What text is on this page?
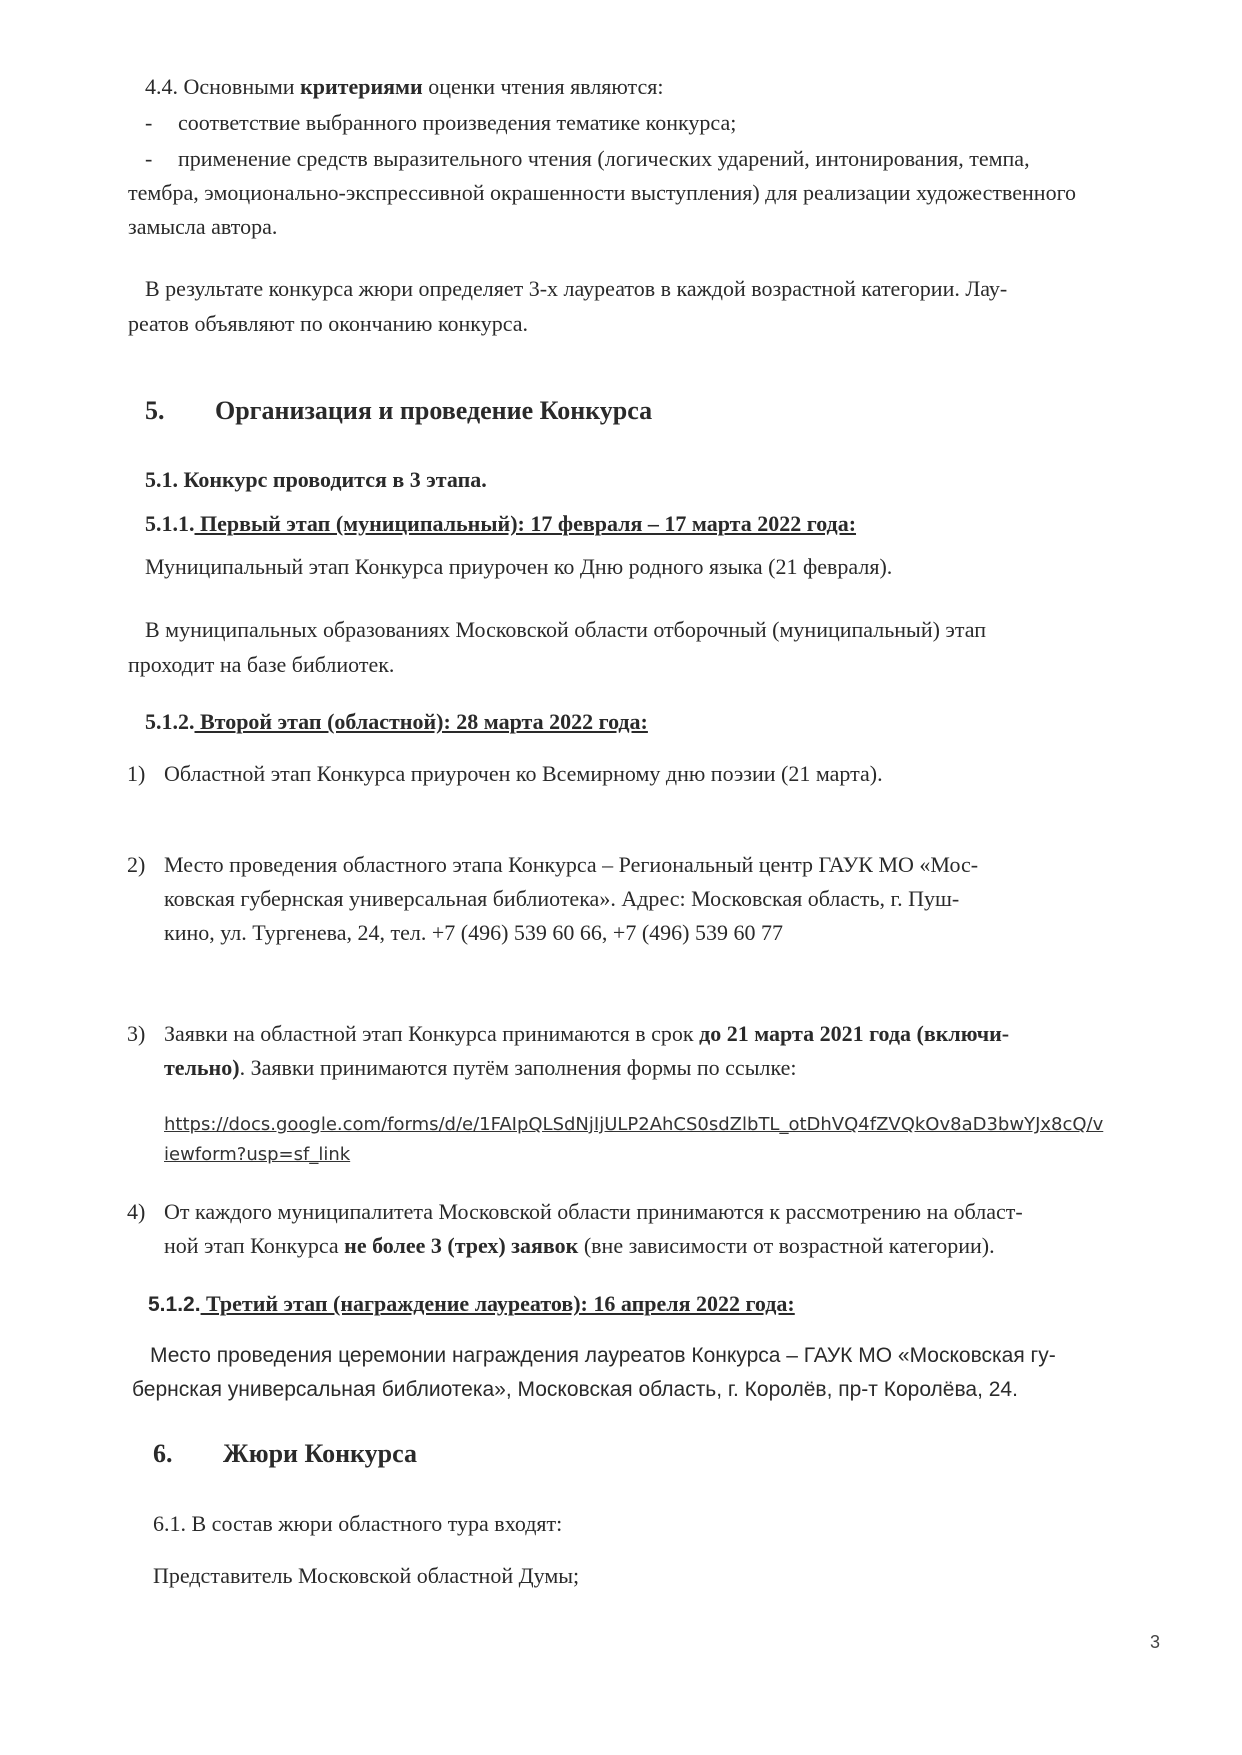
4.4. Основными критериями оценки чтения являются:
- соответствие выбранного произведения тематике конкурса;
- применение средств выразительного чтения (логических ударений, интонирования, темпа,
тембра, эмоционально-экспрессивной окрашенности выступления) для реализации художественного
замысла автора.
В результате конкурса жюри определяет 3-х лауреатов в каждой возрастной категории. Лау-
реатов объявляют по окончанию конкурса.
5. Организация и проведение Конкурса
5.1. Конкурс проводится в 3 этапа.
5.1.1. Первый этап (муниципальный): 17 февраля – 17 марта 2022 года:
Муниципальный этап Конкурса приурочен ко Дню родного языка (21 февраля).
В муниципальных образованиях Московской области отборочный (муниципальный) этап
проходит на базе библиотек.
5.1.2. Второй этап (областной): 28 марта 2022 года:
1) Областной этап Конкурса приурочен ко Всемирному дню поэзии (21 марта).
2) Место проведения областного этапа Конкурса – Региональный центр ГАУК МО «Мос-
ковская губернская универсальная библиотека». Адрес: Московская область, г. Пуш-
кино, ул. Тургенева, 24, тел. +7 (496) 539 60 66, +7 (496) 539 60 77
3) Заявки на областной этап Конкурса принимаются в срок до 21 марта 2021 года (включи-
тельно). Заявки принимаются путём заполнения формы по ссылке:
https://docs.google.com/forms/d/e/1FAIpQLSdNjIjULP2AhCS0sdZlbTL_otDhVQ4fZVQkOv8aD3bwYJx8cQ/v
iewform?usp=sf_link
4) От каждого муниципалитета Московской области принимаются к рассмотрению на област-
ной этап Конкурса не более 3 (трех) заявок (вне зависимости от возрастной категории).
5.1.2. Третий этап (награждение лауреатов): 16 апреля 2022 года:
Место проведения церемонии награждения лауреатов Конкурса – ГАУК МО «Московская гу-
бернская универсальная библиотека», Московская область, г. Королёв, пр-т Королёва, 24.
6. Жюри Конкурса
6.1. В состав жюри областного тура входят:
Представитель Московской областной Думы;
3
